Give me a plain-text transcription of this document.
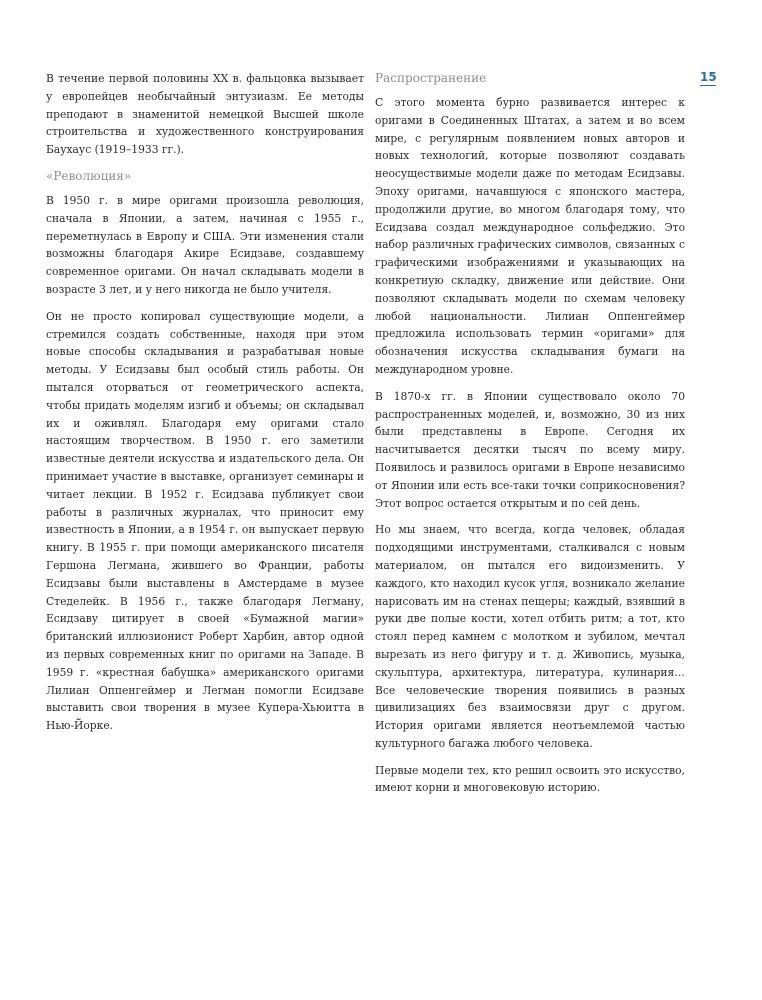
15

В течение первой половины XX в. фальцовка вызывает у европейцев необычайный энтузиазм. Ее методы преподают в знаменитой немецкой Высшей школе строительства и художественного конструирования Баухаус (1919–1933 гг.).

«Революция»

В 1950 г. в мире оригами произошла революция, сначала в Японии, а затем, начиная с 1955 г., переметнулась в Европу и США. Эти изменения стали возможны благодаря Акире Есидзаве, создавшему современное оригами. Он начал складывать модели в возрасте 3 лет, и у него никогда не было учителя.

Он не просто копировал существующие модели, а стремился создать собственные, находя при этом новые способы складывания и разрабатывая новые методы. У Есидзавы был особый стиль работы. Он пытался оторваться от геометрического аспекта, чтобы придать моделям изгиб и объемы; он складывал их и оживлял. Благодаря ему оригами стало настоящим творчеством. В 1950 г. его заметили известные деятели искусства и издательского дела. Он принимает участие в выставке, организует семинары и читает лекции. В 1952 г. Есидзава публикует свои работы в различных журналах, что приносит ему известность в Японии, а в 1954 г. он выпускает первую книгу. В 1955 г. при помощи американского писателя Гершона Легмана, жившего во Франции, работы Есидзавы были выставлены в Амстердаме в музее Стеделейк. В 1956 г., также благодаря Легману, Есидзаву цитирует в своей «Бумажной магии» британский иллюзионист Роберт Харбин, автор одной из первых современных книг по оригами на Западе. В 1959 г. «крестная бабушка» американского оригами Лилиан Оппенгеймер и Легман помогли Есидзаве выставить свои творения в музее Купера-Хьюитта в Нью-Йорке.

Распространение

С этого момента бурно развивается интерес к оригами в Соединенных Штатах, а затем и во всем мире, с регулярным появлением новых авторов и новых технологий, которые позволяют создавать неосуществимые модели даже по методам Есидзавы. Эпоху оригами, начавшуюся с японского мастера, продолжили другие, во многом благодаря тому, что Есидзава создал международное сольфеджио. Это набор различных графических символов, связанных с графическими изображениями и указывающих на конкретную складку, движение или действие. Они позволяют складывать модели по схемам человеку любой национальности. Лилиан Оппенгеймер предложила использовать термин «оригами» для обозначения искусства складывания бумаги на международном уровне.

В 1870-х гг. в Японии существовало около 70 распространенных моделей, и, возможно, 30 из них были представлены в Европе. Сегодня их насчитывается десятки тысяч по всему миру. Появилось и развилось оригами в Европе независимо от Японии или есть все-таки точки соприкосновения? Этот вопрос остается открытым и по сей день.

Но мы знаем, что всегда, когда человек, обладая подходящими инструментами, сталкивался с новым материалом, он пытался его видоизменить. У каждого, кто находил кусок угля, возникало желание нарисовать им на стенах пещеры; каждый, взявший в руки две полые кости, хотел отбить ритм; а тот, кто стоял перед камнем с молотком и зубилом, мечтал вырезать из него фигуру и т. д. Живопись, музыка, скульптура, архитектура, литература, кулинария… Все человеческие творения появились в разных цивилизациях без взаимосвязи друг с другом. История оригами является неотъемлемой частью культурного багажа любого человека.

Первые модели тех, кто решил освоить это искусство, имеют корни и многовековую историю.
